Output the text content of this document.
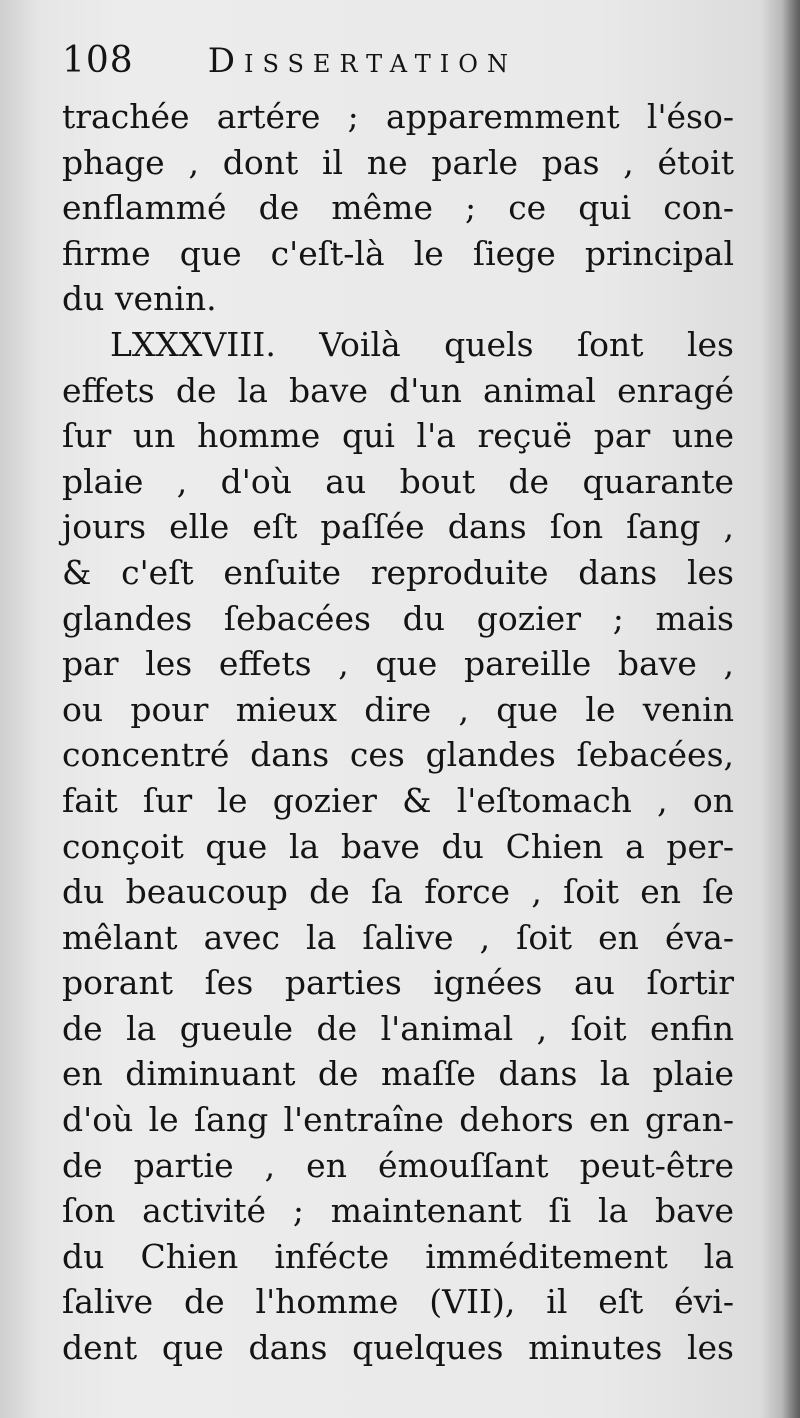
108 Dissertation
trachée artére ; apparemment l'ésο-
phage , dont il ne parle pas , étoit
enflammé de même ; ce qui con-
firme que c'eſt-là le ſiege principal
du venin.
LXXXVIII. Voilà quels ſont les
effets de la bave d'un animal enragé
ſur un homme qui l'a reçuë par une
plaie , d'où au bout de quarante
jours elle eſt paſſée dans ſon ſang ,
& c'eſt enſuite reproduite dans les
glandes ſebacées du gozier ; mais
par les effets , que pareille bave ,
ou pour mieux dire , que le venin
concentré dans ces glandes ſebacées,
fait ſur le gozier & l'eſtomach , on
conçoit que la bave du Chien a per-
du beaucoup de ſa force , ſoit en ſe
mêlant avec la ſalive , ſoit en éva-
porant ſes parties ignées au ſortir
de la gueule de l'animal , ſoit enfin
en diminuant de maſſe dans la plaie
d'où le ſang l'entraîne dehors en gran-
de partie , en émouſſant peut-être
ſon activité ; maintenant ſi la bave
du Chien infécte imméditement la
ſalive de l'homme (VII), il eſt évi-
dent que dans quelques minutes les
